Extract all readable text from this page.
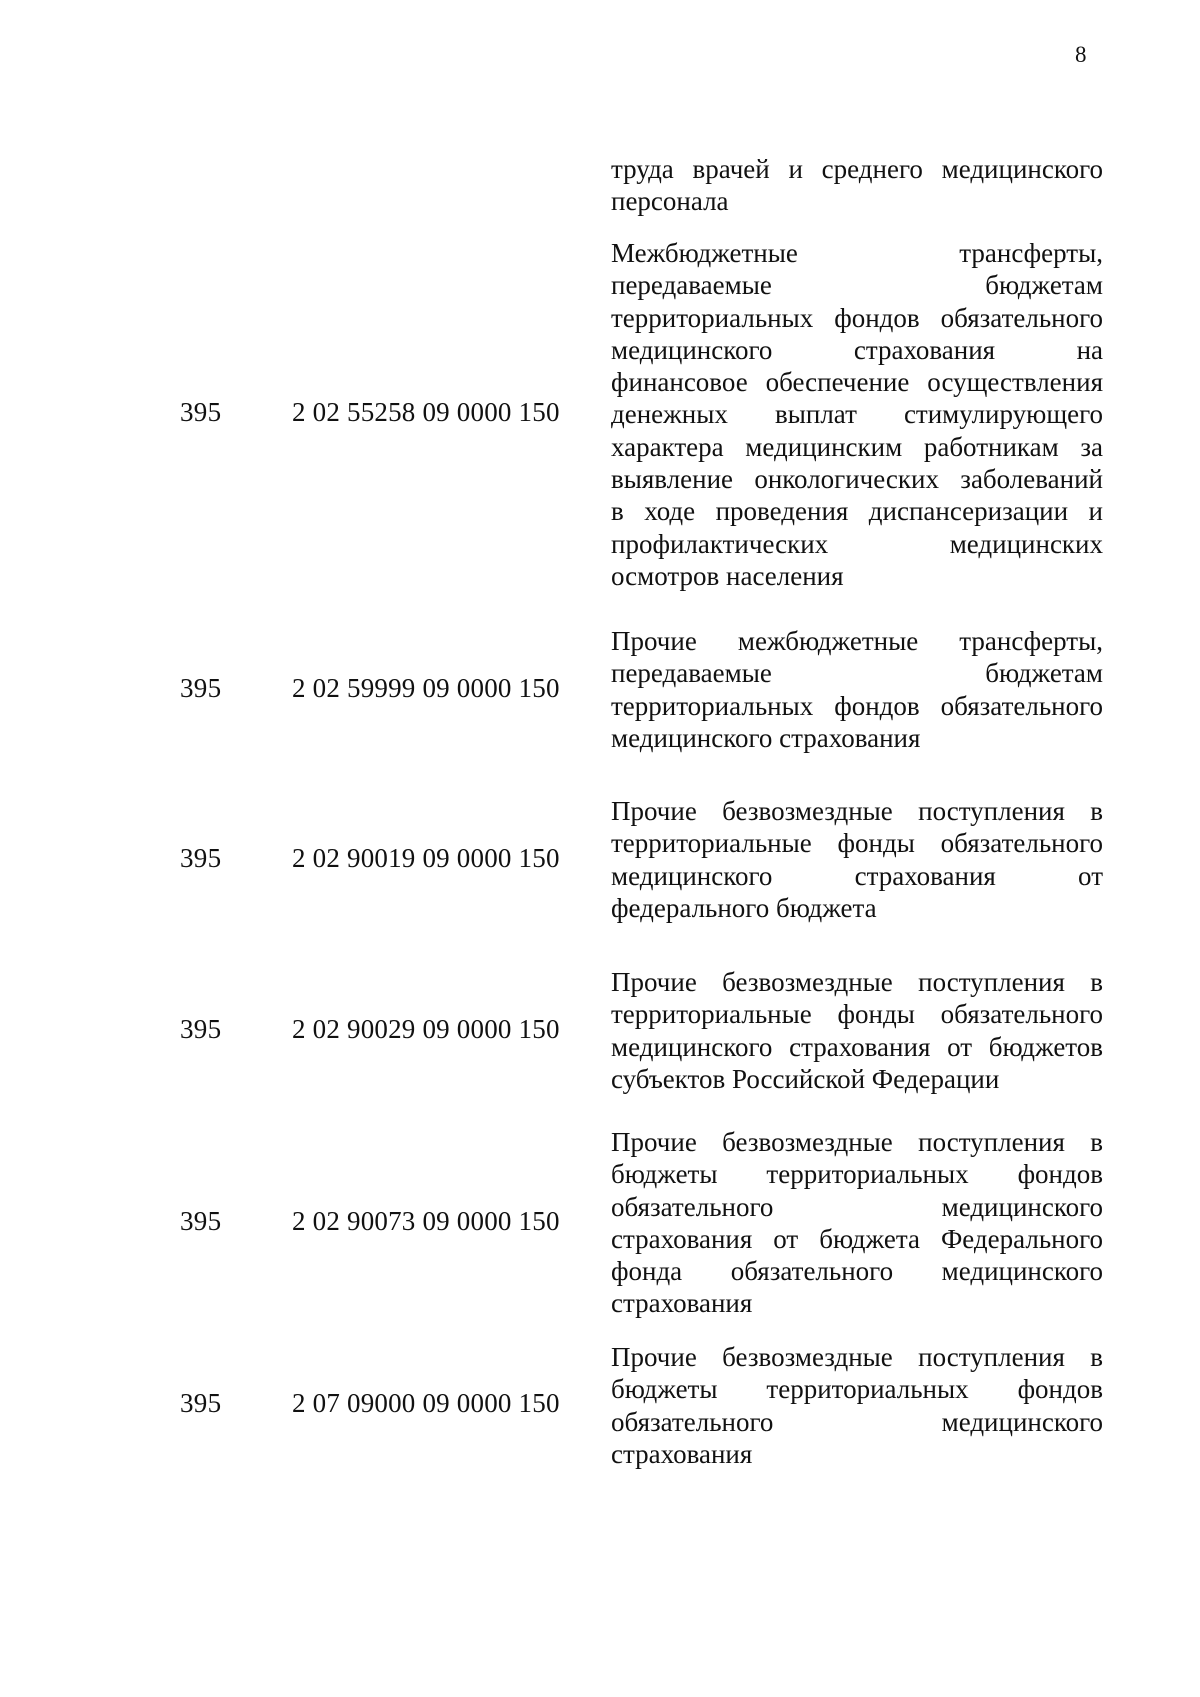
8
труда врачей и среднего медицинского
персонала
395	2 02 55258 09 0000 150
Межбюджетные трансферты,
передаваемые бюджетам
территориальных фондов обязательного
медицинского страхования на
финансовое обеспечение осуществления
денежных выплат стимулирующего
характера медицинским работникам за
выявление онкологических заболеваний
в ходе проведения диспансеризации и
профилактических медицинских
осмотров населения
395	2 02 59999 09 0000 150
Прочие межбюджетные трансферты,
передаваемые бюджетам
территориальных фондов обязательного
медицинского страхования
395	2 02 90019 09 0000 150
Прочие безвозмездные поступления в
территориальные фонды обязательного
медицинского страхования от
федерального бюджета
395	2 02 90029 09 0000 150
Прочие безвозмездные поступления в
территориальные фонды обязательного
медицинского страхования от бюджетов
субъектов Российской Федерации
395	2 02 90073 09 0000 150
Прочие безвозмездные поступления в
бюджеты территориальных фондов
обязательного медицинского
страхования от бюджета Федерального
фонда обязательного медицинского
страхования
395	2 07 09000 09 0000 150
Прочие безвозмездные поступления в
бюджеты территориальных фондов
обязательного медицинского
страхования
